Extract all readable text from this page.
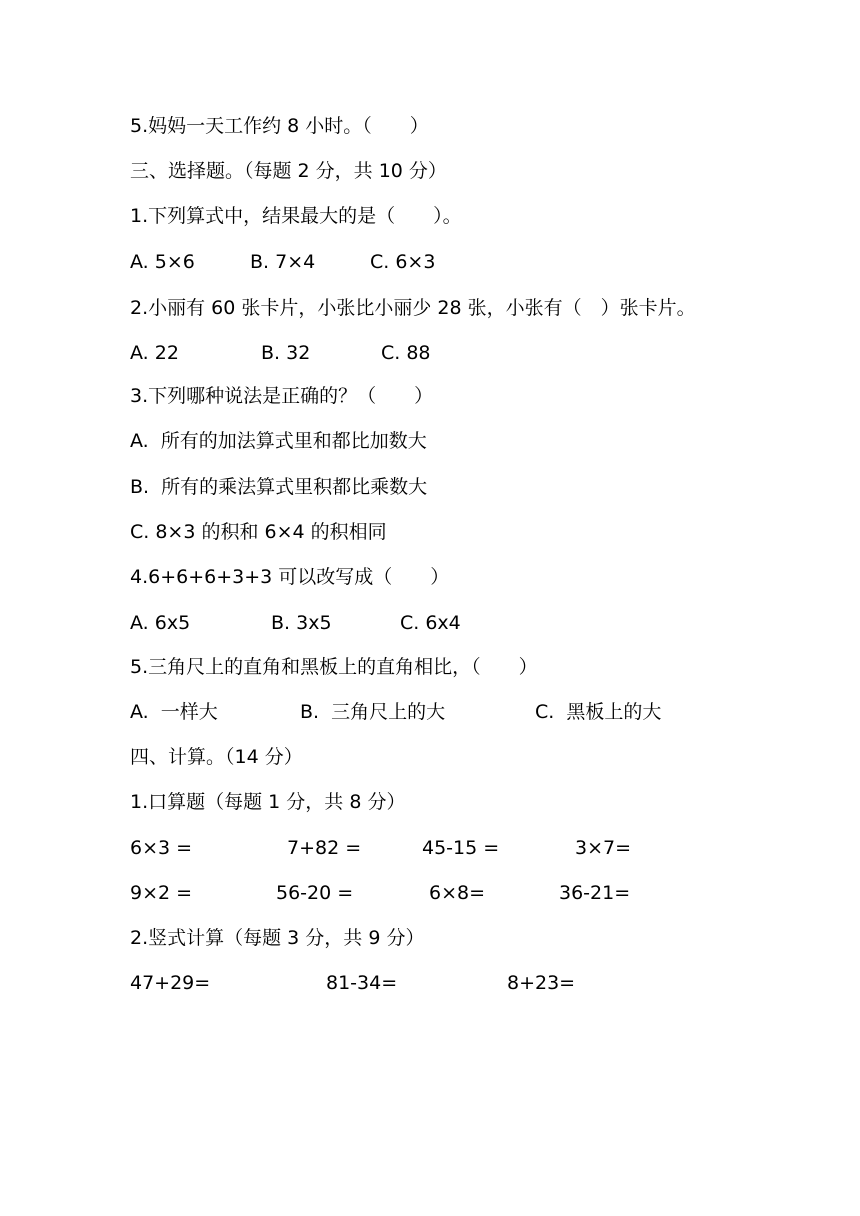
5.妈妈一天工作约 8 小时。（　　）
三、选择题。（每题 2 分，共 10 分）
1.下列算式中，结果最大的是（　　）。
A. 5×6	B. 7×4	C. 6×3
2.小丽有 60 张卡片，小张比小丽少 28 张，小张有（　）张卡片。
A. 22	B. 32	C. 88
3.下列哪种说法是正确的？（　　）
A.  所有的加法算式里和都比加数大
B.  所有的乘法算式里积都比乘数大
C. 8×3 的积和 6×4 的积相同
4.6+6+6+3+3 可以改写成（　　）
A. 6x5	B. 3x5	C. 6x4
5.三角尺上的直角和黑板上的直角相比，（　　）
A.  一样大	B.  三角尺上的大	C.  黑板上的大
四、计算。（14 分）
1.口算题（每题 1 分，共 8 分）
6×3 =	7+82 =	45-15 =	3×7=
9×2 =	56-20 =	6×8=	36-21=
2.竖式计算（每题 3 分，共 9 分）
47+29=	81-34=	8+23=
